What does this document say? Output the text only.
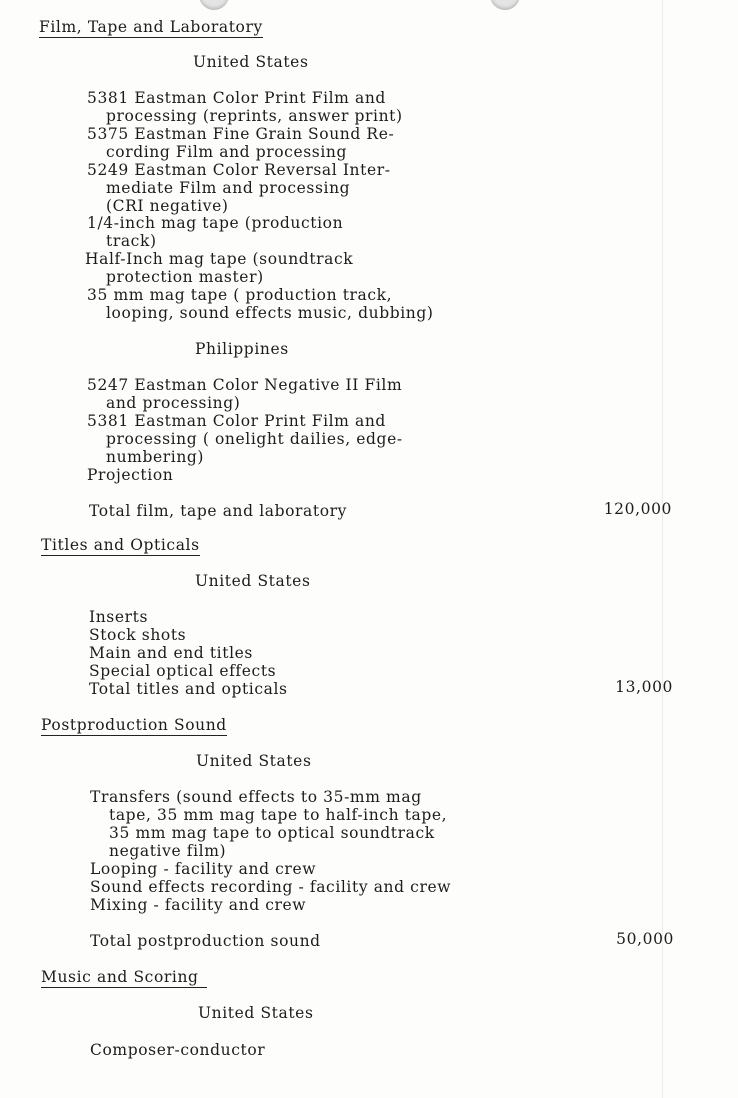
Film, Tape and Laboratory
United States
5381 Eastman Color Print Film and
processing (reprints, answer print)
5375 Eastman Fine Grain Sound Re-
cording Film and processing
5249 Eastman Color Reversal Inter-
mediate Film and processing
(CRI negative)
1/4-inch mag tape (production
track)
Half-Inch mag tape (soundtrack
protection master)
35 mm mag tape ( production track,
looping, sound effects music, dubbing)
Philippines
5247 Eastman Color Negative II Film
and processing)
5381 Eastman Color Print Film and
processing ( onelight dailies, edge-
numbering)
Projection
Total film, tape and laboratory	120,000
Titles and Opticals
United States
Inserts
Stock shots
Main and end titles
Special optical effects
Total titles and opticals	13,000
Postproduction Sound
United States
Transfers (sound effects to 35-mm mag
tape, 35 mm mag tape to half-inch tape,
35 mm mag tape to optical soundtrack
negative film)
Looping - facility and crew
Sound effects recording - facility and crew
Mixing - facility and crew
Total postproduction sound	50,000
Music and Scoring
United States
Composer-conductor
